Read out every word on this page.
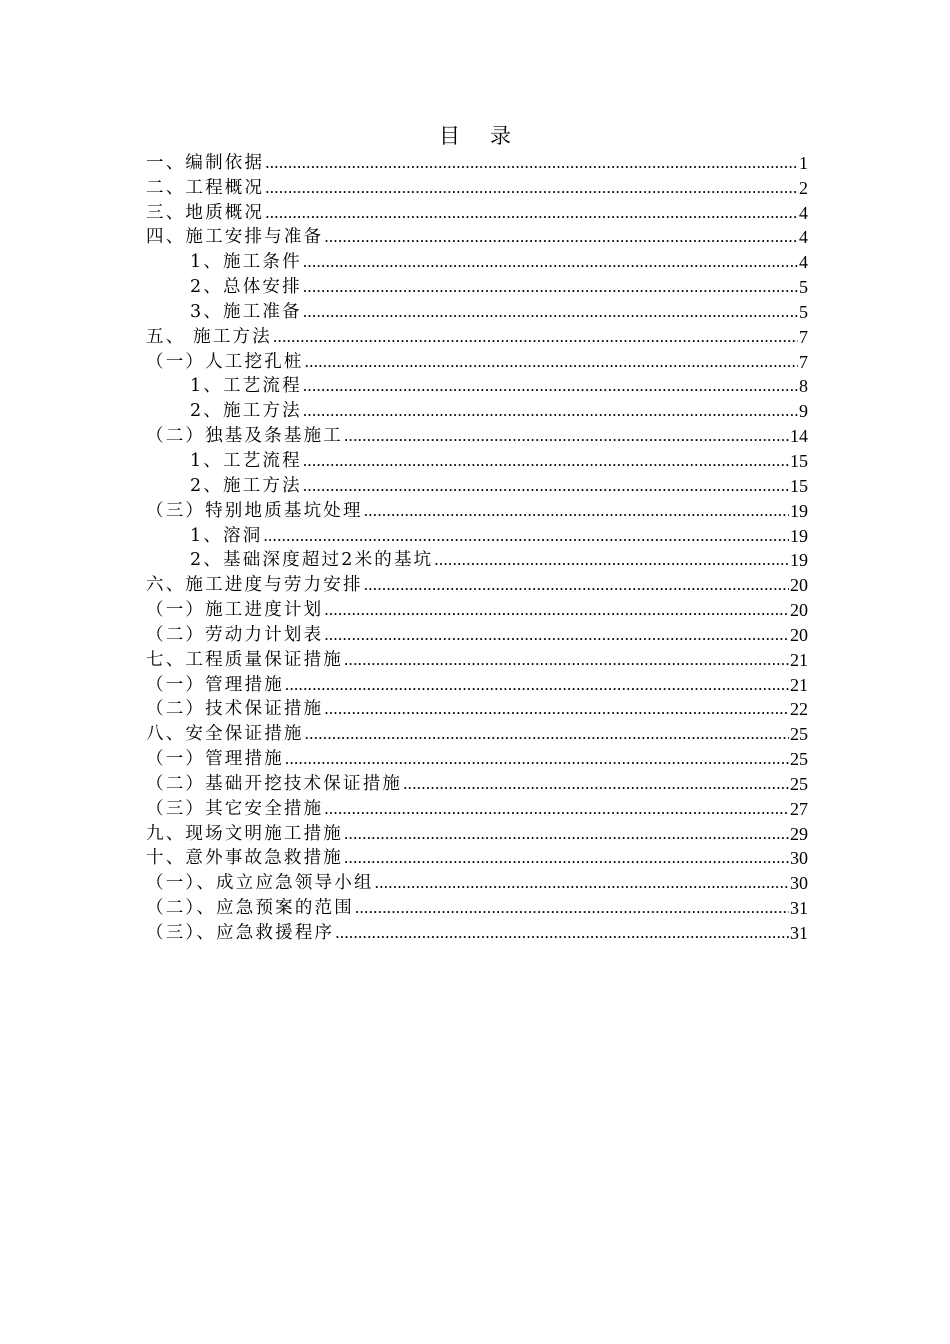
目 录
一、编制依据 .....	1
二、工程概况 .....	2
三、地质概况 .....	4
四、施工安排与准备 .....	4
1、施工条件 .....	4
2、总体安排 .....	5
3、施工准备 .....	5
五、 施工方法 .....	7
（一）人工挖孔桩 .....	7
1、工艺流程 .....	8
2、施工方法 .....	9
（二）独基及条基施工 .....	14
1、工艺流程 .....	15
2、施工方法 .....	15
（三）特别地质基坑处理 .....	19
1、溶洞 .....	19
2、基础深度超过2米的基坑 .....	19
六、施工进度与劳力安排 .....	20
（一）施工进度计划 .....	20
（二）劳动力计划表 .....	20
七、工程质量保证措施 .....	21
（一）管理措施 .....	21
（二）技术保证措施 .....	22
八、安全保证措施 .....	25
（一）管理措施 .....	25
（二）基础开挖技术保证措施 .....	25
（三）其它安全措施 .....	27
九、现场文明施工措施 .....	29
十、意外事故急救措施 .....	30
（一）、成立应急领导小组 .....	30
（二）、应急预案的范围 .....	31
（三）、应急救援程序 .....	31
